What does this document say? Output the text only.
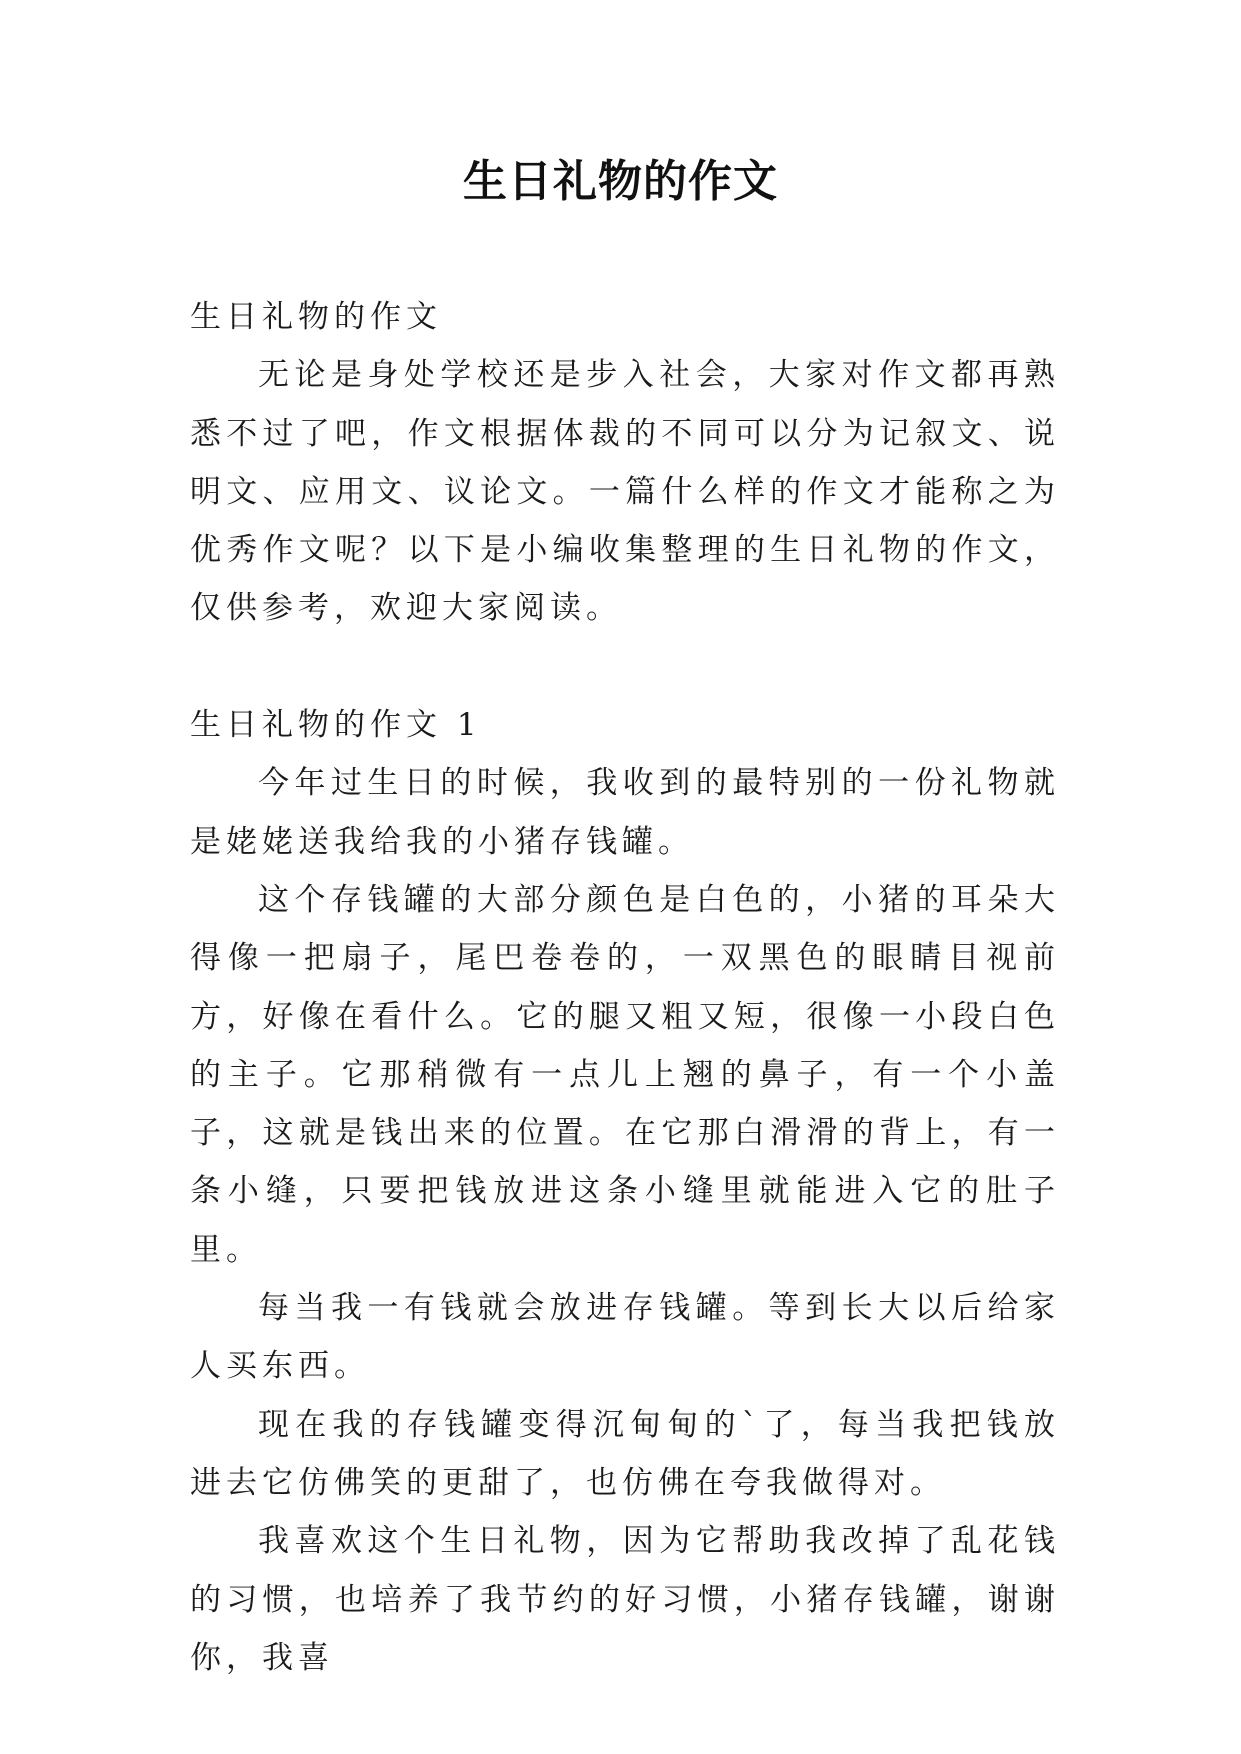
生日礼物的作文

生日礼物的作文

无论是身处学校还是步入社会，大家对作文都再熟悉不过了吧，作文根据体裁的不同可以分为记叙文、说明文、应用文、议论文。一篇什么样的作文才能称之为优秀作文呢？以下是小编收集整理的生日礼物的作文，仅供参考，欢迎大家阅读。

生日礼物的作文 1

今年过生日的时候，我收到的最特别的一份礼物就是姥姥送我给我的小猪存钱罐。

这个存钱罐的大部分颜色是白色的，小猪的耳朵大得像一把扇子，尾巴卷卷的，一双黑色的眼睛目视前方，好像在看什么。它的腿又粗又短，很像一小段白色的主子。它那稍微有一点儿上翘的鼻子，有一个小盖子，这就是钱出来的位置。在它那白滑滑的背上，有一条小缝，只要把钱放进这条小缝里就能进入它的肚子里。

每当我一有钱就会放进存钱罐。等到长大以后给家人买东西。

现在我的存钱罐变得沉甸甸的`了，每当我把钱放进去它仿佛笑的更甜了，也仿佛在夸我做得对。

我喜欢这个生日礼物，因为它帮助我改掉了乱花钱的习惯，也培养了我节约的好习惯，小猪存钱罐，谢谢你，我喜
